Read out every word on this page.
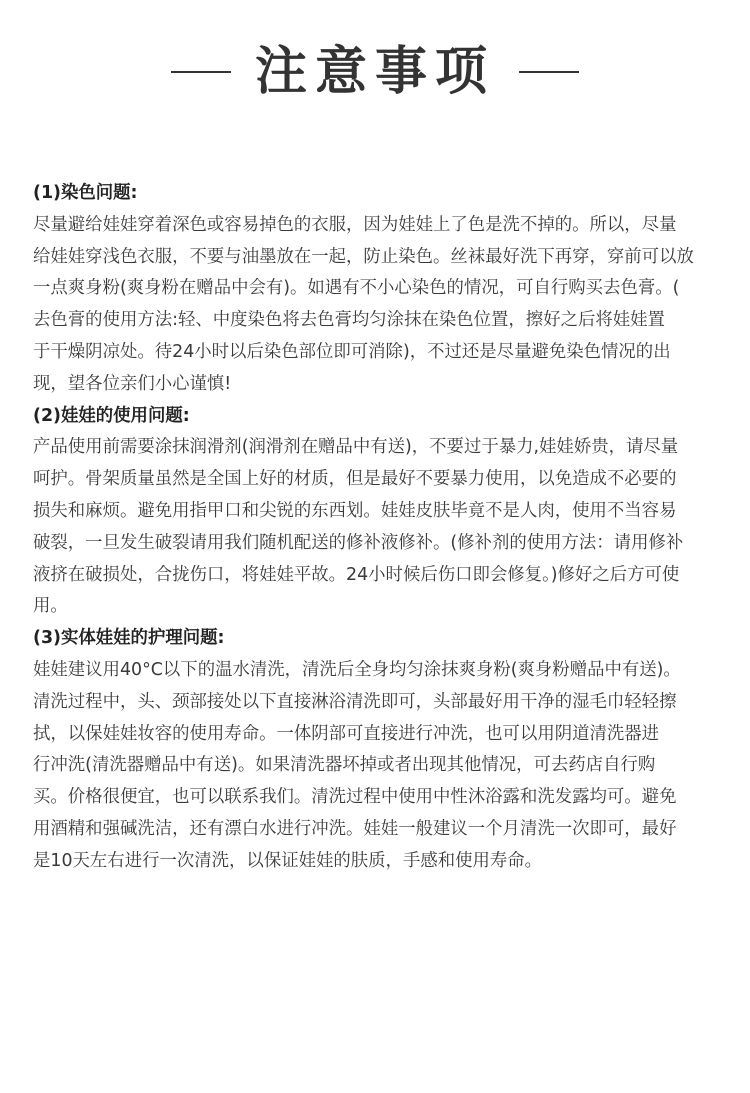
注意事项
(1)染色问题:
尽量避给娃娃穿着深色或容易掉色的衣服，因为娃娃上了色是洗不掉的。所以，尽量
给娃娃穿浅色衣服，不要与油墨放在一起，防止染色。丝袜最好洗下再穿，穿前可以放
一点爽身粉(爽身粉在赠品中会有)。如遇有不小心染色的情况，可自行购买去色膏。(
去色膏的使用方法:轻、中度染色将去色膏均匀涂抹在染色位置，擦好之后将娃娃置
于干燥阴凉处。待24小时以后染色部位即可消除)，不过还是尽量避免染色情况的出
现，望各位亲们小心谨慎!
(2)娃娃的使用问题:
产品使用前需要涂抹润滑剂(润滑剂在赠品中有送)，不要过于暴力,娃娃娇贵，请尽量
呵护。骨架质量虽然是全国上好的材质，但是最好不要暴力使用，以免造成不必要的
损失和麻烦。避免用指甲口和尖锐的东西划。娃娃皮肤毕竟不是人肉，使用不当容易
破裂，一旦发生破裂请用我们随机配送的修补液修补。(修补剂的使用方法：请用修补
液挤在破损处，合拢伤口，将娃娃平故。24小时候后伤口即会修复。)修好之后方可使
用。
(3)实体娃娃的护理问题:
娃娃建议用40°C以下的温水清洗，清洗后全身均匀涂抹爽身粉(爽身粉赠品中有送)。
清洗过程中，头、颈部接处以下直接淋浴清洗即可，头部最好用干净的湿毛巾轻轻擦
拭，以保娃娃妆容的使用寿命。一体阴部可直接进行冲洗，也可以用阴道清洗器进
行冲洗(清洗器赠品中有送)。如果清洗器坏掉或者出现其他情况，可去药店自行购
买。价格很便宜，也可以联系我们。清洗过程中使用中性沐浴露和洗发露均可。避免
用酒精和强碱洗洁，还有漂白水进行冲洗。娃娃一般建议一个月清洗一次即可，最好
是10天左右进行一次清洗，以保证娃娃的肤质，手感和使用寿命。
